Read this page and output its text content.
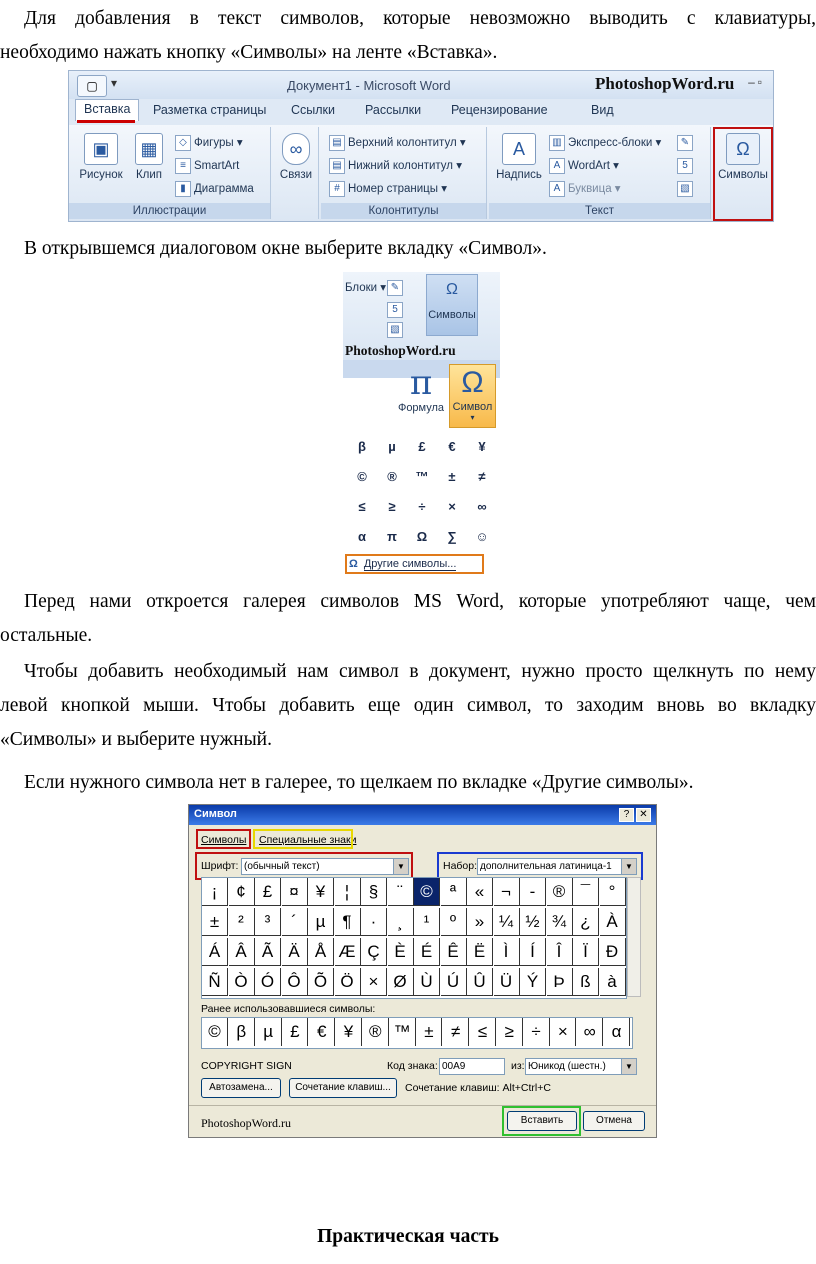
Для добавления в текст символов, которые невозможно выводить с клавиатуры,

необходимо нажать кнопку «Символы» на ленте «Вставка».

▢	▾	Документ1 - Microsoft Word	PhotoshopWord.ru –▫
Вставка	Разметка страницы Ссылки Рассылки Рецензирование	Вид
▣
Рисунок
▦
Клип
◇ Фигуры ▾
≡ SmartArt
▮ Диаграмма
Иллюстрации
∞
Связи
▤ Верхний колонтитул ▾
▤ Нижний колонтитул ▾
# Номер страницы ▾
Колонтитулы
A
Надпись
▥ Экспресс-блоки ▾
A WordArt ▾
A Буквица ▾
✎
5
▧
Текст
Ω
Символы

В открывшемся диалоговом окне выберите вкладку «Символ».

Блоки ▾ ✎
5
▧
Ω
Символы
PhotoshopWord.ru
π
Формула
Ω
Символ
▾
β	µ	£	€	¥
©	®	™	±	≠
≤	≥	÷	×	∞
α	π	Ω	∑	☺
Ω Другие символы...

Перед нами откроется галерея символов MS Word, которые употребляют чаще, чем

остальные.

Чтобы добавить необходимый нам символ в документ, нужно просто щелкнуть по нему

левой кнопкой мыши. Чтобы добавить еще один символ, то заходим вновь во вкладку

«Символы» и выберите нужный.

Если нужного символа нет в галерее, то щелкаем по вкладке «Другие символы».

Символ	?	✕
Символы Специальные знаки
Шрифт: (обычный текст)	▼	Набор: дополнительная латиница-1	▼
¡	¢	£	¤	¥	¦	§	¨	©	ª	« ¬	-	® ¯	°
±	²	³	´	µ	¶	·	¸	¹	º	» ¼ ½ ¾ ¿ À
Á Â Ã Ä Å Æ Ç È É Ê Ë	Ì	Í	Î	Ï	Ð
Ñ Ò Ó Ô Õ Ö × Ø Ù Ú Û Ü Ý Þ ß à
Ранее использовавшиеся символы:
© β	µ	£	€	¥ ® ™ ±	≠	≤	≥	÷	× ∞ α
COPYRIGHT SIGN	Код знака: 00A9	из: Юникод (шестн.)	▼
Автозамена...	Сочетание клавиш...	Сочетание клавиш: Alt+Ctrl+C
PhotoshopWord.ru	Вставить	Отмена
Практическая часть
